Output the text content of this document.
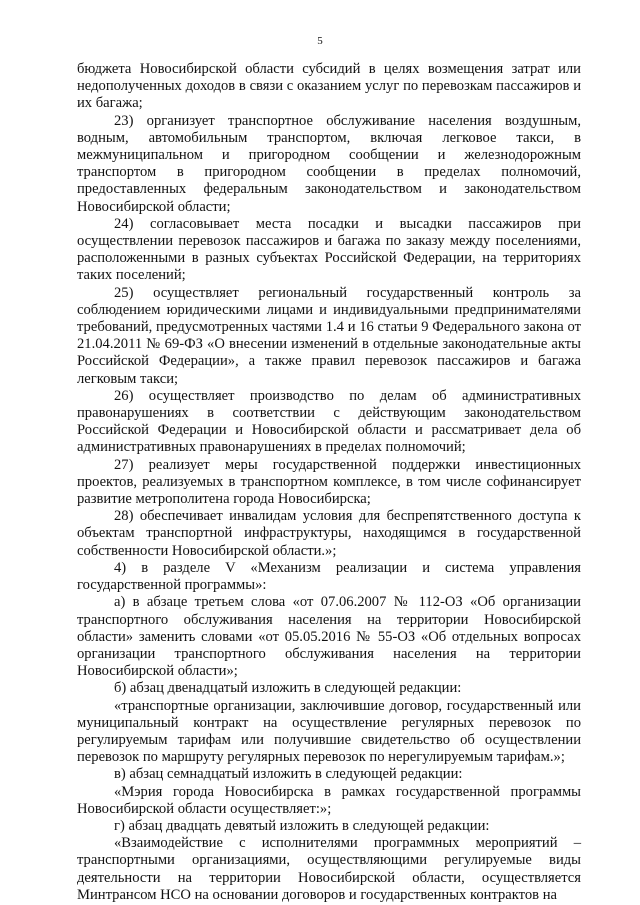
5

бюджета Новосибирской области субсидий в целях возмещения затрат или недополученных доходов в связи с оказанием услуг по перевозкам пассажиров и их багажа;

23) организует транспортное обслуживание населения воздушным, водным, автомобильным транспортом, включая легковое такси, в межмуниципальном и пригородном сообщении и железнодорожным транспортом в пригородном сообщении в пределах полномочий, предоставленных федеральным законодательством и законодательством Новосибирской области;

24) согласовывает места посадки и высадки пассажиров при осуществлении перевозок пассажиров и багажа по заказу между поселениями, расположенными в разных субъектах Российской Федерации, на территориях таких поселений;

25) осуществляет региональный государственный контроль за соблюдением юридическими лицами и индивидуальными предпринимателями требований, предусмотренных частями 1.4 и 16 статьи 9 Федерального закона от 21.04.2011 № 69-ФЗ «О внесении изменений в отдельные законодательные акты Российской Федерации», а также правил перевозок пассажиров и багажа легковым такси;

26) осуществляет производство по делам об административных правонарушениях в соответствии с действующим законодательством Российской Федерации и Новосибирской области и рассматривает дела об административных правонарушениях в пределах полномочий;

27) реализует меры государственной поддержки инвестиционных проектов, реализуемых в транспортном комплексе, в том числе софинансирует развитие метрополитена города Новосибирска;

28) обеспечивает инвалидам условия для беспрепятственного доступа к объектам транспортной инфраструктуры, находящимся в государственной собственности Новосибирской области.»;

4) в разделе V «Механизм реализации и система управления государственной программы»:

а) в абзаце третьем слова «от 07.06.2007 № 112-ОЗ «Об организации транспортного обслуживания населения на территории Новосибирской области» заменить словами «от 05.05.2016 № 55-ОЗ «Об отдельных вопросах организации транспортного обслуживания населения на территории Новосибирской области»;

б) абзац двенадцатый изложить в следующей редакции:

«транспортные организации, заключившие договор, государственный или муниципальный контракт на осуществление регулярных перевозок по регулируемым тарифам или получившие свидетельство об осуществлении перевозок по маршруту регулярных перевозок по нерегулируемым тарифам.»;

в) абзац семнадцатый изложить в следующей редакции:

«Мэрия города Новосибирска в рамках государственной программы Новосибирской области осуществляет:»;

г) абзац двадцать девятый изложить в следующей редакции:

«Взаимодействие с исполнителями программных мероприятий – транспортными организациями, осуществляющими регулируемые виды деятельности на территории Новосибирской области, осуществляется Минтрансом НСО на основании договоров и государственных контрактов на
